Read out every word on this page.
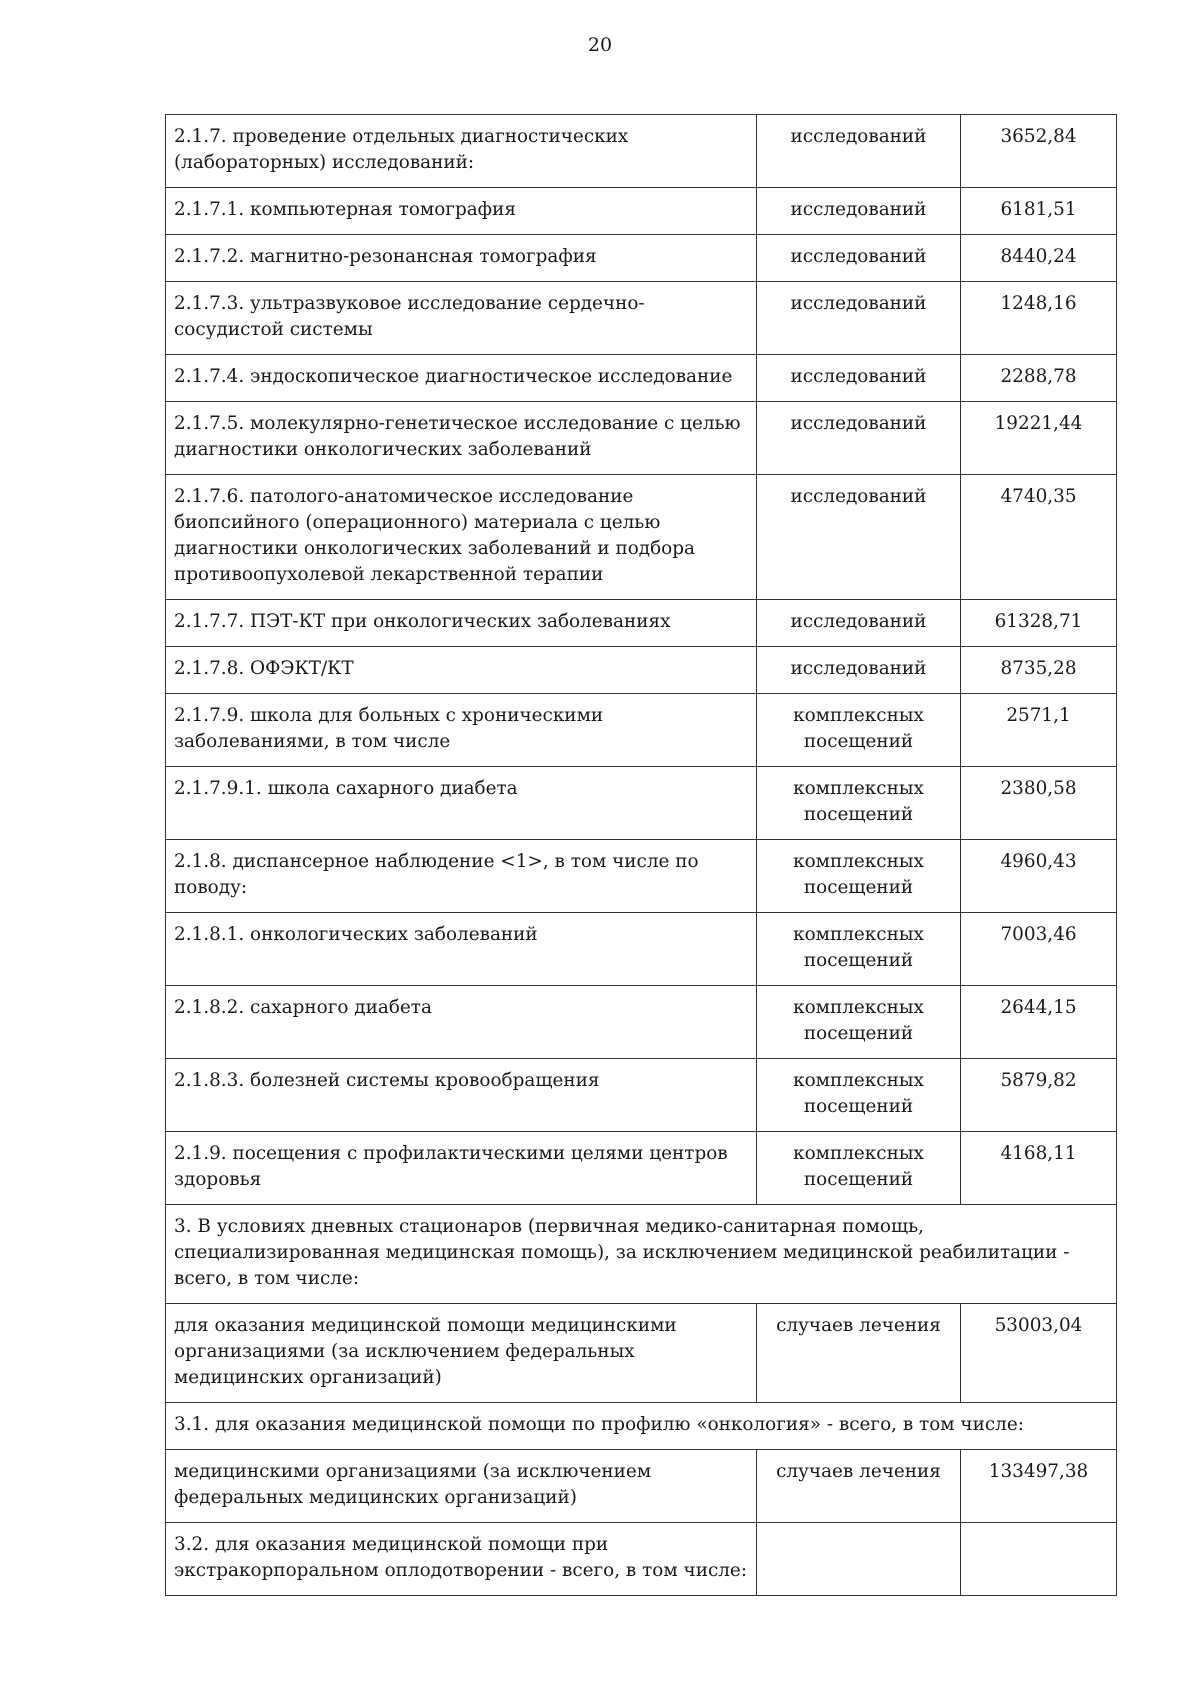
20
2.1.7. проведение отдельных диагностических (лабораторных) исследований:	исследований	3652,84
2.1.7.1. компьютерная томография	исследований	6181,51
2.1.7.2. магнитно-резонансная томография	исследований	8440,24
2.1.7.3. ультразвуковое исследование сердечно-сосудистой системы	исследований	1248,16
2.1.7.4. эндоскопическое диагностическое исследование	исследований	2288,78
2.1.7.5. молекулярно-генетическое исследование с целью диагностики онкологических заболеваний	исследований	19221,44
2.1.7.6. патолого-анатомическое исследование биопсийного (операционного) материала с целью диагностики онкологических заболеваний и подбора противоопухолевой лекарственной терапии	исследований	4740,35
2.1.7.7. ПЭТ-КТ при онкологических заболеваниях	исследований	61328,71
2.1.7.8. ОФЭКТ/КТ	исследований	8735,28
2.1.7.9. школа для больных с хроническими заболеваниями, в том числе	комплексных посещений	2571,1
2.1.7.9.1. школа сахарного диабета	комплексных посещений	2380,58
2.1.8. диспансерное наблюдение <1>, в том числе по поводу:	комплексных посещений	4960,43
2.1.8.1. онкологических заболеваний	комплексных посещений	7003,46
2.1.8.2. сахарного диабета	комплексных посещений	2644,15
2.1.8.3. болезней системы кровообращения	комплексных посещений	5879,82
2.1.9. посещения с профилактическими целями центров здоровья	комплексных посещений	4168,11
3. В условиях дневных стационаров (первичная медико-санитарная помощь, специализированная медицинская помощь), за исключением медицинской реабилитации - всего, в том числе:		
для оказания медицинской помощи медицинскими организациями (за исключением федеральных медицинских организаций)	случаев лечения	53003,04
3.1. для оказания медицинской помощи по профилю «онкология» - всего, в том числе:		
медицинскими организациями (за исключением федеральных медицинских организаций)	случаев лечения	133497,38
3.2. для оказания медицинской помощи при экстракорпоральном оплодотворении - всего, в том числе:		
